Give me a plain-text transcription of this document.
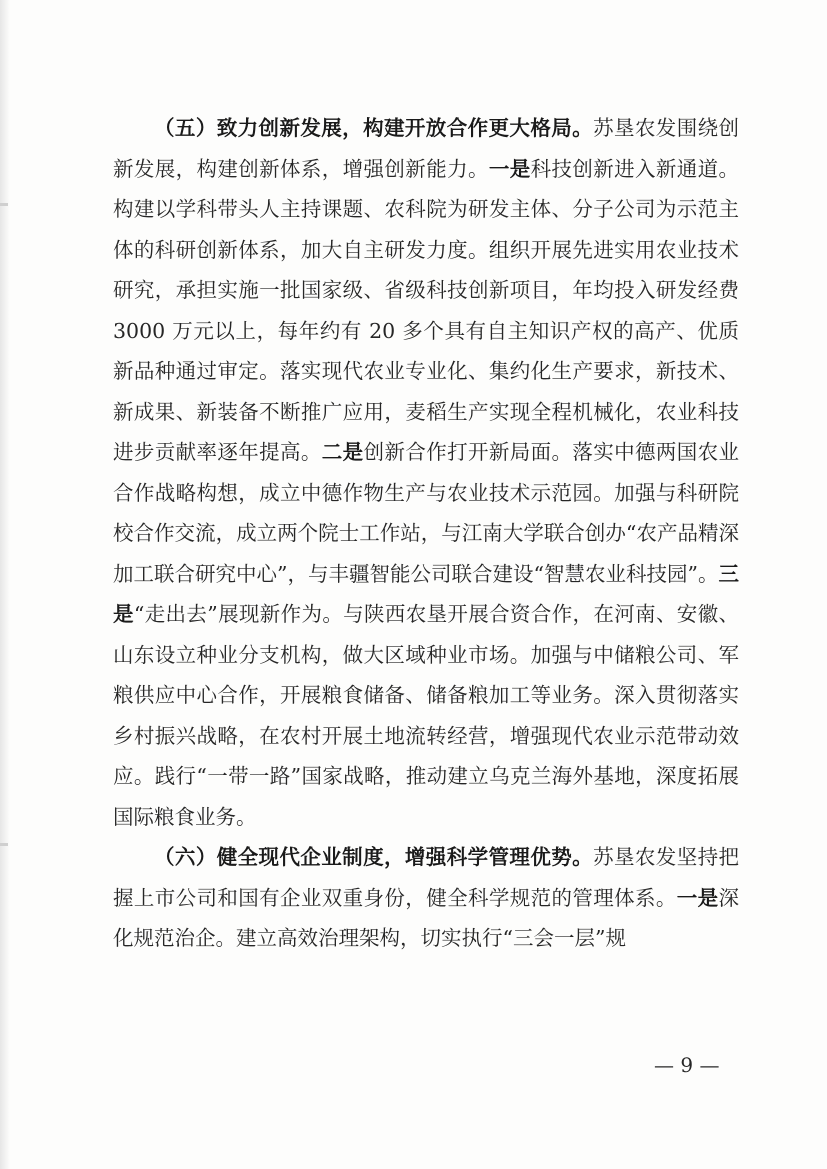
（五）致力创新发展，构建开放合作更大格局。苏垦农发围绕创新发展，构建创新体系，增强创新能力。一是科技创新进入新通道。构建以学科带头人主持课题、农科院为研发主体、分子公司为示范主体的科研创新体系，加大自主研发力度。组织开展先进实用农业技术研究，承担实施一批国家级、省级科技创新项目，年均投入研发经费 3000 万元以上，每年约有 20 多个具有自主知识产权的高产、优质新品种通过审定。落实现代农业专业化、集约化生产要求，新技术、新成果、新装备不断推广应用，麦稻生产实现全程机械化，农业科技进步贡献率逐年提高。二是创新合作打开新局面。落实中德两国农业合作战略构想，成立中德作物生产与农业技术示范园。加强与科研院校合作交流，成立两个院士工作站，与江南大学联合创办“农产品精深加工联合研究中心”，与丰疆智能公司联合建设“智慧农业科技园”。三是“走出去”展现新作为。与陕西农垦开展合资合作，在河南、安徽、山东设立种业分支机构，做大区域种业市场。加强与中储粮公司、军粮供应中心合作，开展粮食储备、储备粮加工等业务。深入贯彻落实乡村振兴战略，在农村开展土地流转经营，增强现代农业示范带动效应。践行“一带一路”国家战略，推动建立乌克兰海外基地，深度拓展国际粮食业务。

（六）健全现代企业制度，增强科学管理优势。苏垦农发坚持把握上市公司和国有企业双重身份，健全科学规范的管理体系。一是深化规范治企。建立高效治理架构，切实执行“三会一层”规

— 9 —
